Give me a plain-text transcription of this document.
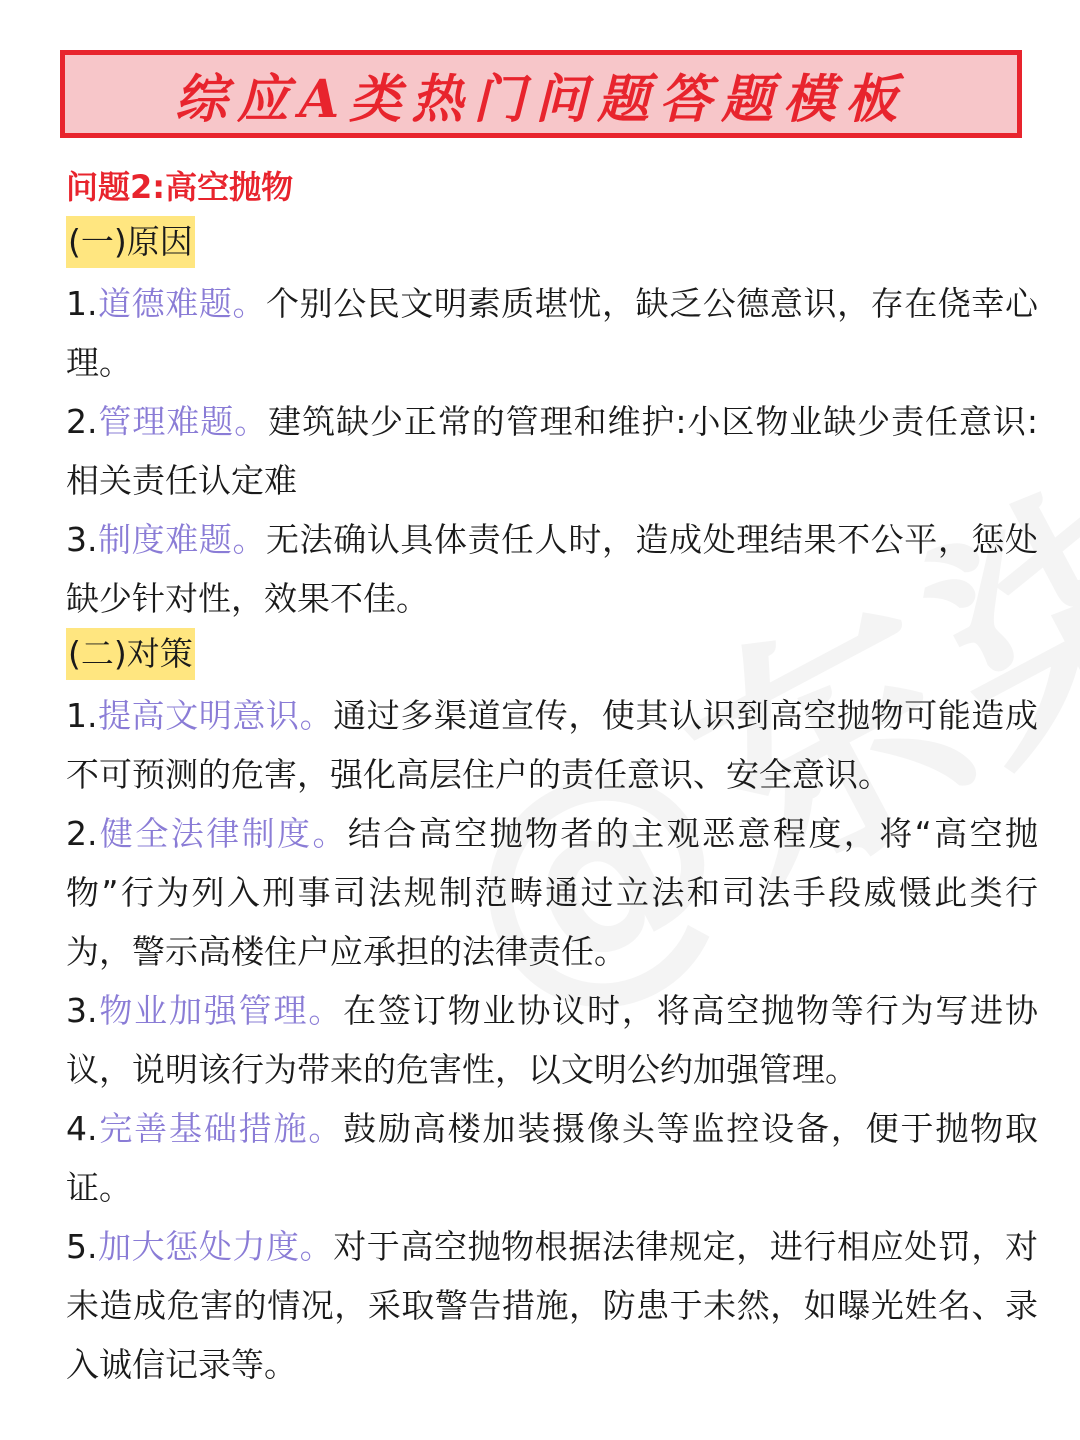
综应A类热门问题答题模板
问题2:高空抛物
(一)原因

1.道德难题。个别公民文明素质堪忧，缺乏公德意识，存在侥幸心理。

2.管理难题。建筑缺少正常的管理和维护:小区物业缺少责任意识:相关责任认定难

3.制度难题。无法确认具体责任人时，造成处理结果不公平，惩处缺少针对性，效果不佳。

(二)对策

1.提高文明意识。通过多渠道宣传，使其认识到高空抛物可能造成不可预测的危害，强化高层住户的责任意识、安全意识。

2.健全法律制度。结合高空抛物者的主观恶意程度，将“高空抛物”行为列入刑事司法规制范畴通过立法和司法手段威慑此类行为，警示高楼住户应承担的法律责任。

3.物业加强管理。在签订物业协议时，将高空抛物等行为写进协议，说明该行为带来的危害性，以文明公约加强管理。

4.完善基础措施。鼓励高楼加装摄像头等监控设备，便于抛物取证。

5.加大惩处力度。对于高空抛物根据法律规定，进行相应处罚，对未造成危害的情况，采取警告措施，防患于未然，如曝光姓名、录入诚信记录等。
